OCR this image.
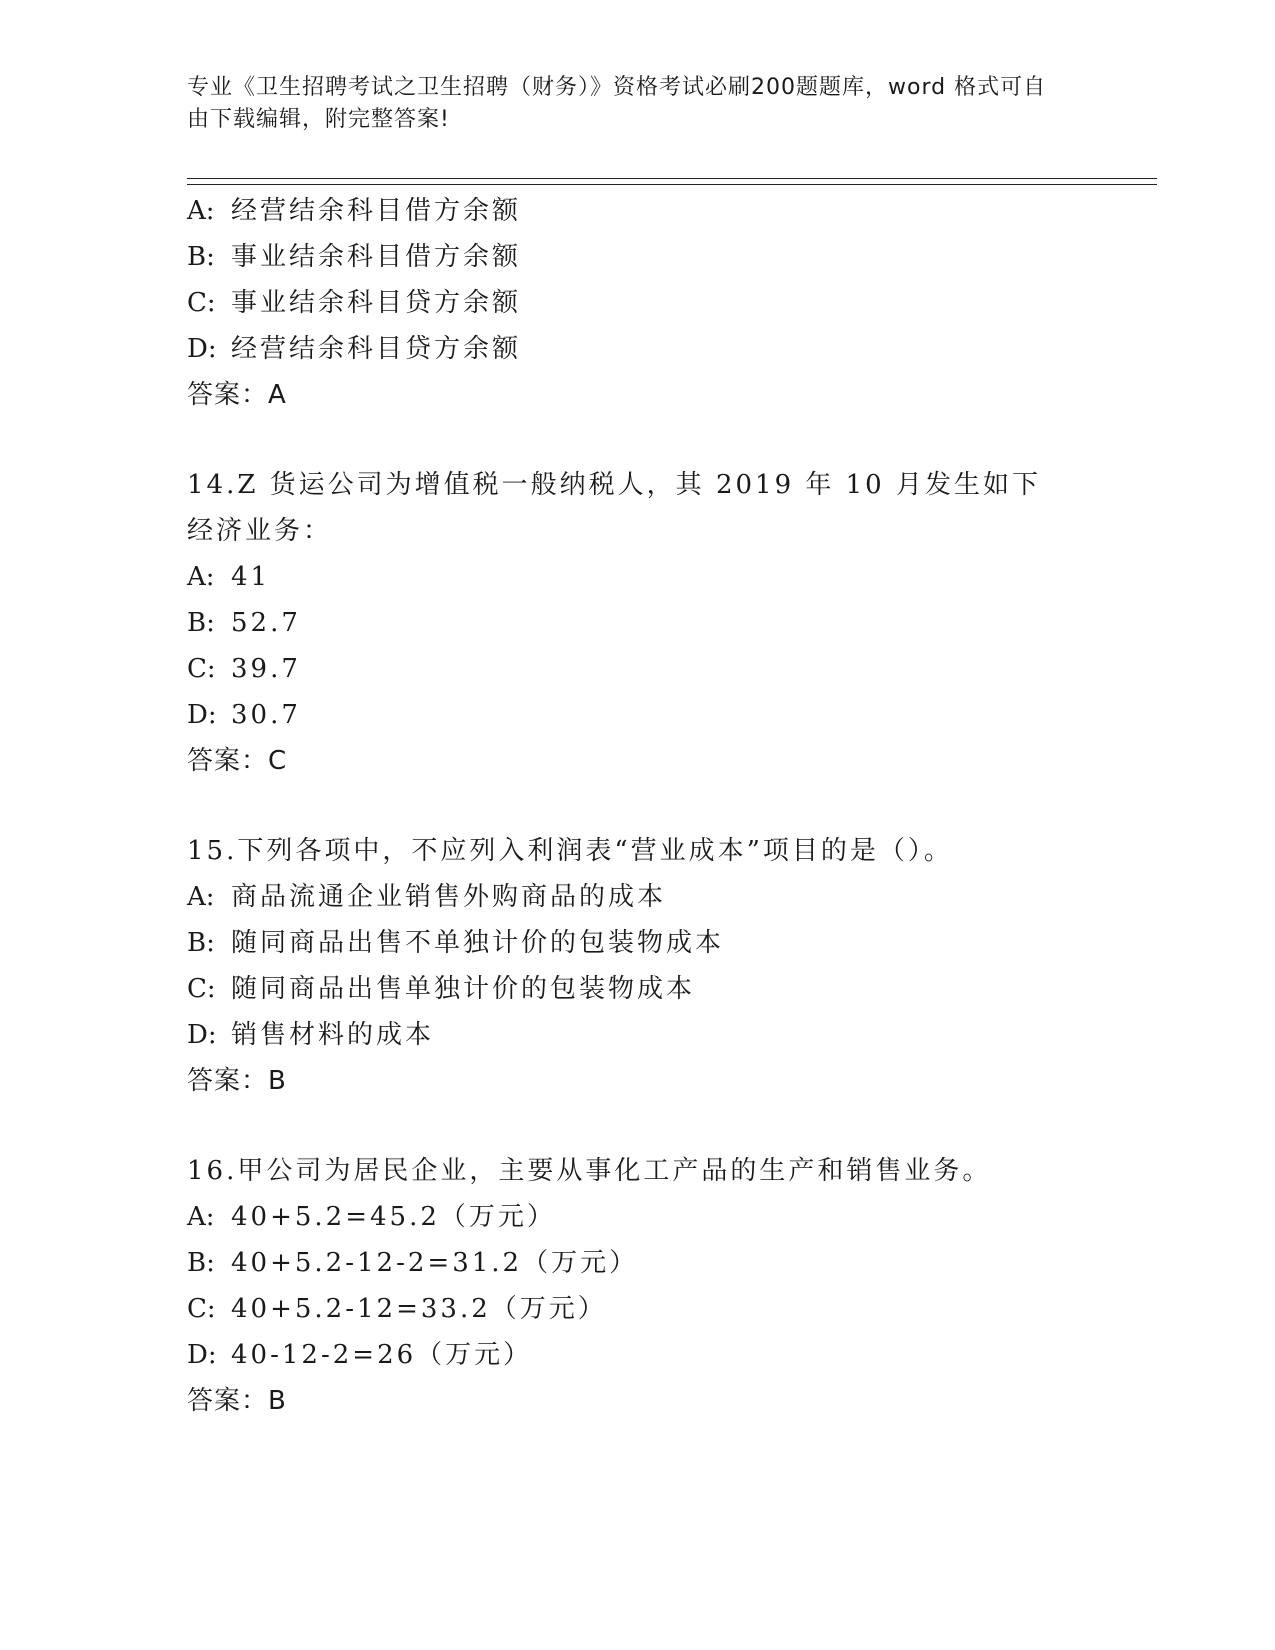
专业《卫生招聘考试之卫生招聘（财务）》资格考试必刷200题题库，word 格式可自由下载编辑，附完整答案!
A: 经营结余科目借方余额
B: 事业结余科目借方余额
C: 事业结余科目贷方余额
D: 经营结余科目贷方余额
答案：A
14.Z 货运公司为增值税一般纳税人，其 2019 年 10 月发生如下经济业务：
A: 41
B: 52.7
C: 39.7
D: 30.7
答案：C
15.下列各项中，不应列入利润表“营业成本”项目的是（）。
A: 商品流通企业销售外购商品的成本
B: 随同商品出售不单独计价的包装物成本
C: 随同商品出售单独计价的包装物成本
D: 销售材料的成本
答案：B
16.甲公司为居民企业，主要从事化工产品的生产和销售业务。
A: 40+5.2=45.2（万元）
B: 40+5.2-12-2=31.2（万元）
C: 40+5.2-12=33.2（万元）
D: 40-12-2=26（万元）
答案：B
